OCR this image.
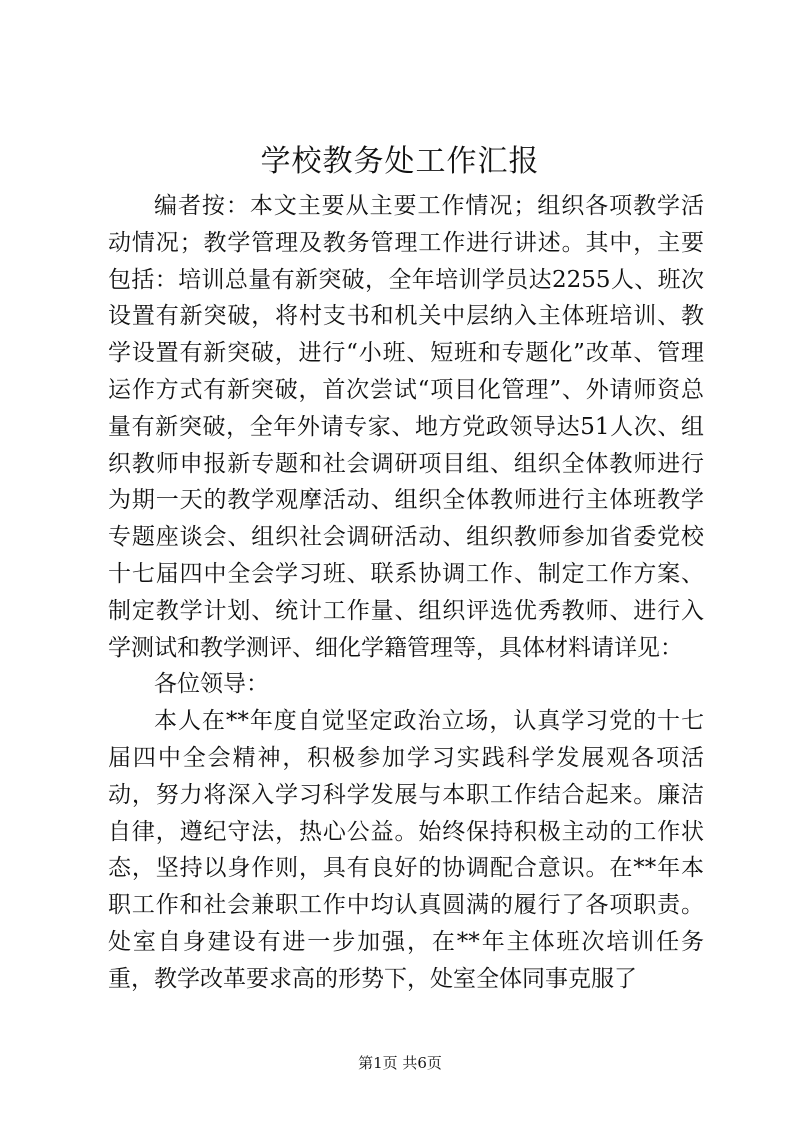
学校教务处工作汇报

编者按：本文主要从主要工作情况；组织各项教学活动情况；教学管理及教务管理工作进行讲述。其中，主要包括：培训总量有新突破，全年培训学员达2255人、班次设置有新突破，将村支书和机关中层纳入主体班培训、教学设置有新突破，进行“小班、短班和专题化”改革、管理运作方式有新突破，首次尝试“项目化管理”、外请师资总量有新突破，全年外请专家、地方党政领导达51人次、组织教师申报新专题和社会调研项目组、组织全体教师进行为期一天的教学观摩活动、组织全体教师进行主体班教学专题座谈会、组织社会调研活动、组织教师参加省委党校十七届四中全会学习班、联系协调工作、制定工作方案、制定教学计划、统计工作量、组织评选优秀教师、进行入学测试和教学测评、细化学籍管理等，具体材料请详见：

各位领导：

本人在**年度自觉坚定政治立场，认真学习党的十七届四中全会精神，积极参加学习实践科学发展观各项活动，努力将深入学习科学发展与本职工作结合起来。廉洁自律，遵纪守法，热心公益。始终保持积极主动的工作状态，坚持以身作则，具有良好的协调配合意识。在**年本职工作和社会兼职工作中均认真圆满的履行了各项职责。处室自身建设有进一步加强，在**年主体班次培训任务重，教学改革要求高的形势下，处室全体同事克服了

第1页 共6页
